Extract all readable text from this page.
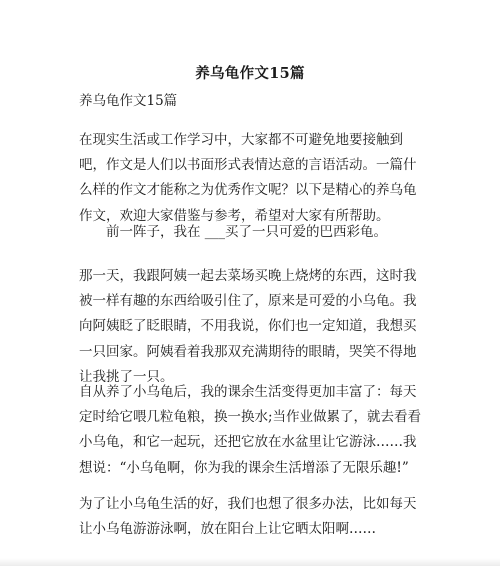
养乌龟作文15篇
养乌龟作文15篇

在现实生活或工作学习中，大家都不可避免地要接触到吧，作文是人们以书面形式表情达意的言语活动。一篇什么样的作文才能称之为优秀作文呢？以下是精心的养乌龟作文，欢迎大家借鉴与参考，希望对大家有所帮助。

前一阵子，我在 ___买了一只可爱的巴西彩龟。

那一天，我跟阿姨一起去菜场买晚上烧烤的东西，这时我被一样有趣的东西给吸引住了，原来是可爱的小乌龟。我向阿姨眨了眨眼睛，不用我说，你们也一定知道，我想买一只回家。阿姨看着我那双充满期待的眼睛，哭笑不得地让我挑了一只。

自从养了小乌龟后，我的课余生活变得更加丰富了：每天定时给它喂几粒龟粮，换一换水;当作业做累了，就去看看小乌龟，和它一起玩，还把它放在水盆里让它游泳……我想说：“小乌龟啊，你为我的课余生活增添了无限乐趣!”

为了让小乌龟生活的好，我们也想了很多办法，比如每天让小乌龟游游泳啊，放在阳台上让它晒太阳啊……
